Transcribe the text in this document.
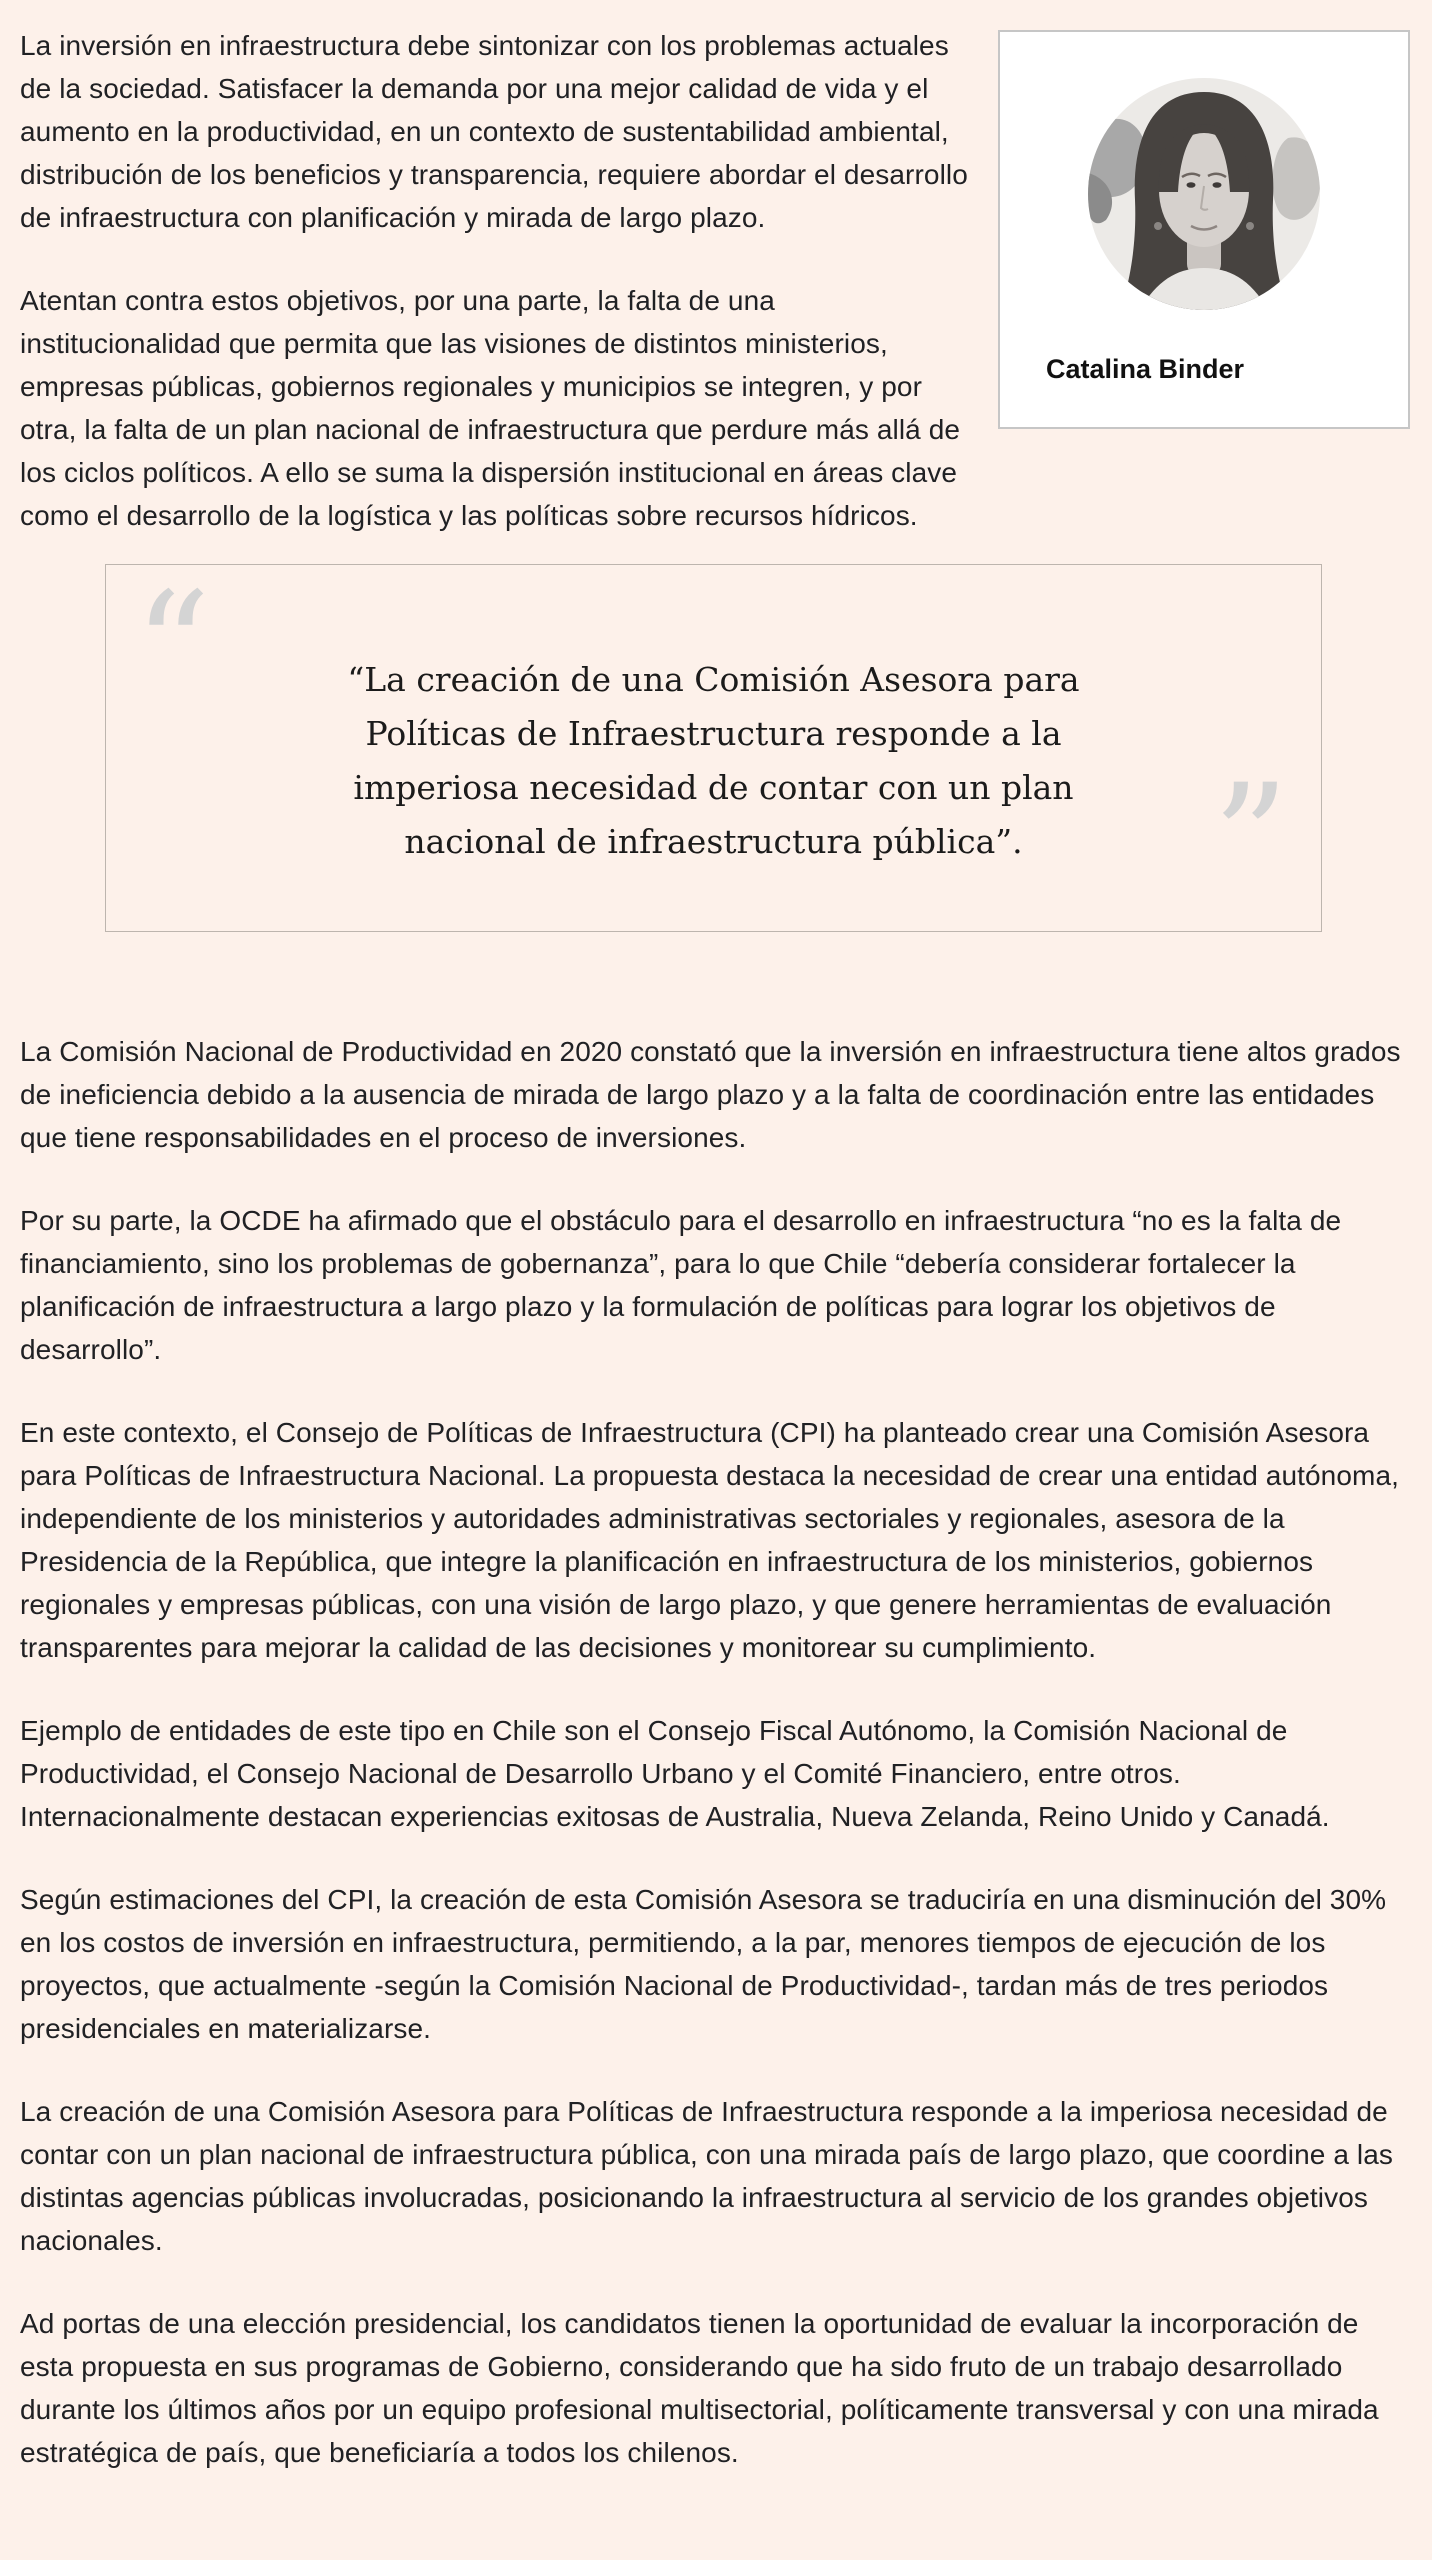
Catalina Binder

La inversión en infraestructura debe sintonizar con los problemas actuales de la sociedad. Satisfacer la demanda por una mejor calidad de vida y el aumento en la productividad, en un contexto de sustentabilidad ambiental, distribución de los beneficios y transparencia, requiere abordar el desarrollo de infraestructura con planificación y mirada de largo plazo.

Atentan contra estos objetivos, por una parte, la falta de una institucionalidad que permita que las visiones de distintos ministerios, empresas públicas, gobiernos regionales y municipios se integren, y por otra, la falta de un plan nacional de infraestructura que perdure más allá de los ciclos políticos. A ello se suma la dispersión institucional en áreas clave como el desarrollo de la logística y las políticas sobre recursos hídricos.

“	“La creación de una Comisión Asesora para Políticas de Infraestructura responde a la imperiosa necesidad de contar con un plan nacional de infraestructura pública”.	”

La Comisión Nacional de Productividad en 2020 constató que la inversión en infraestructura tiene altos grados de ineficiencia debido a la ausencia de mirada de largo plazo y a la falta de coordinación entre las entidades que tiene responsabilidades en el proceso de inversiones.

Por su parte, la OCDE ha afirmado que el obstáculo para el desarrollo en infraestructura “no es la falta de financiamiento, sino los problemas de gobernanza”, para lo que Chile “debería considerar fortalecer la planificación de infraestructura a largo plazo y la formulación de políticas para lograr los objetivos de desarrollo”.

En este contexto, el Consejo de Políticas de Infraestructura (CPI) ha planteado crear una Comisión Asesora para Políticas de Infraestructura Nacional. La propuesta destaca la necesidad de crear una entidad autónoma, independiente de los ministerios y autoridades administrativas sectoriales y regionales, asesora de la Presidencia de la República, que integre la planificación en infraestructura de los ministerios, gobiernos regionales y empresas públicas, con una visión de largo plazo, y que genere herramientas de evaluación transparentes para mejorar la calidad de las decisiones y monitorear su cumplimiento.

Ejemplo de entidades de este tipo en Chile son el Consejo Fiscal Autónomo, la Comisión Nacional de Productividad, el Consejo Nacional de Desarrollo Urbano y el Comité Financiero, entre otros. Internacionalmente destacan experiencias exitosas de Australia, Nueva Zelanda, Reino Unido y Canadá.

Según estimaciones del CPI, la creación de esta Comisión Asesora se traduciría en una disminución del 30% en los costos de inversión en infraestructura, permitiendo, a la par, menores tiempos de ejecución de los proyectos, que actualmente -según la Comisión Nacional de Productividad-, tardan más de tres periodos presidenciales en materializarse.

La creación de una Comisión Asesora para Políticas de Infraestructura responde a la imperiosa necesidad de contar con un plan nacional de infraestructura pública, con una mirada país de largo plazo, que coordine a las distintas agencias públicas involucradas, posicionando la infraestructura al servicio de los grandes objetivos nacionales.

Ad portas de una elección presidencial, los candidatos tienen la oportunidad de evaluar la incorporación de esta propuesta en sus programas de Gobierno, considerando que ha sido fruto de un trabajo desarrollado durante los últimos años por un equipo profesional multisectorial, políticamente transversal y con una mirada estratégica de país, que beneficiaría a todos los chilenos.
